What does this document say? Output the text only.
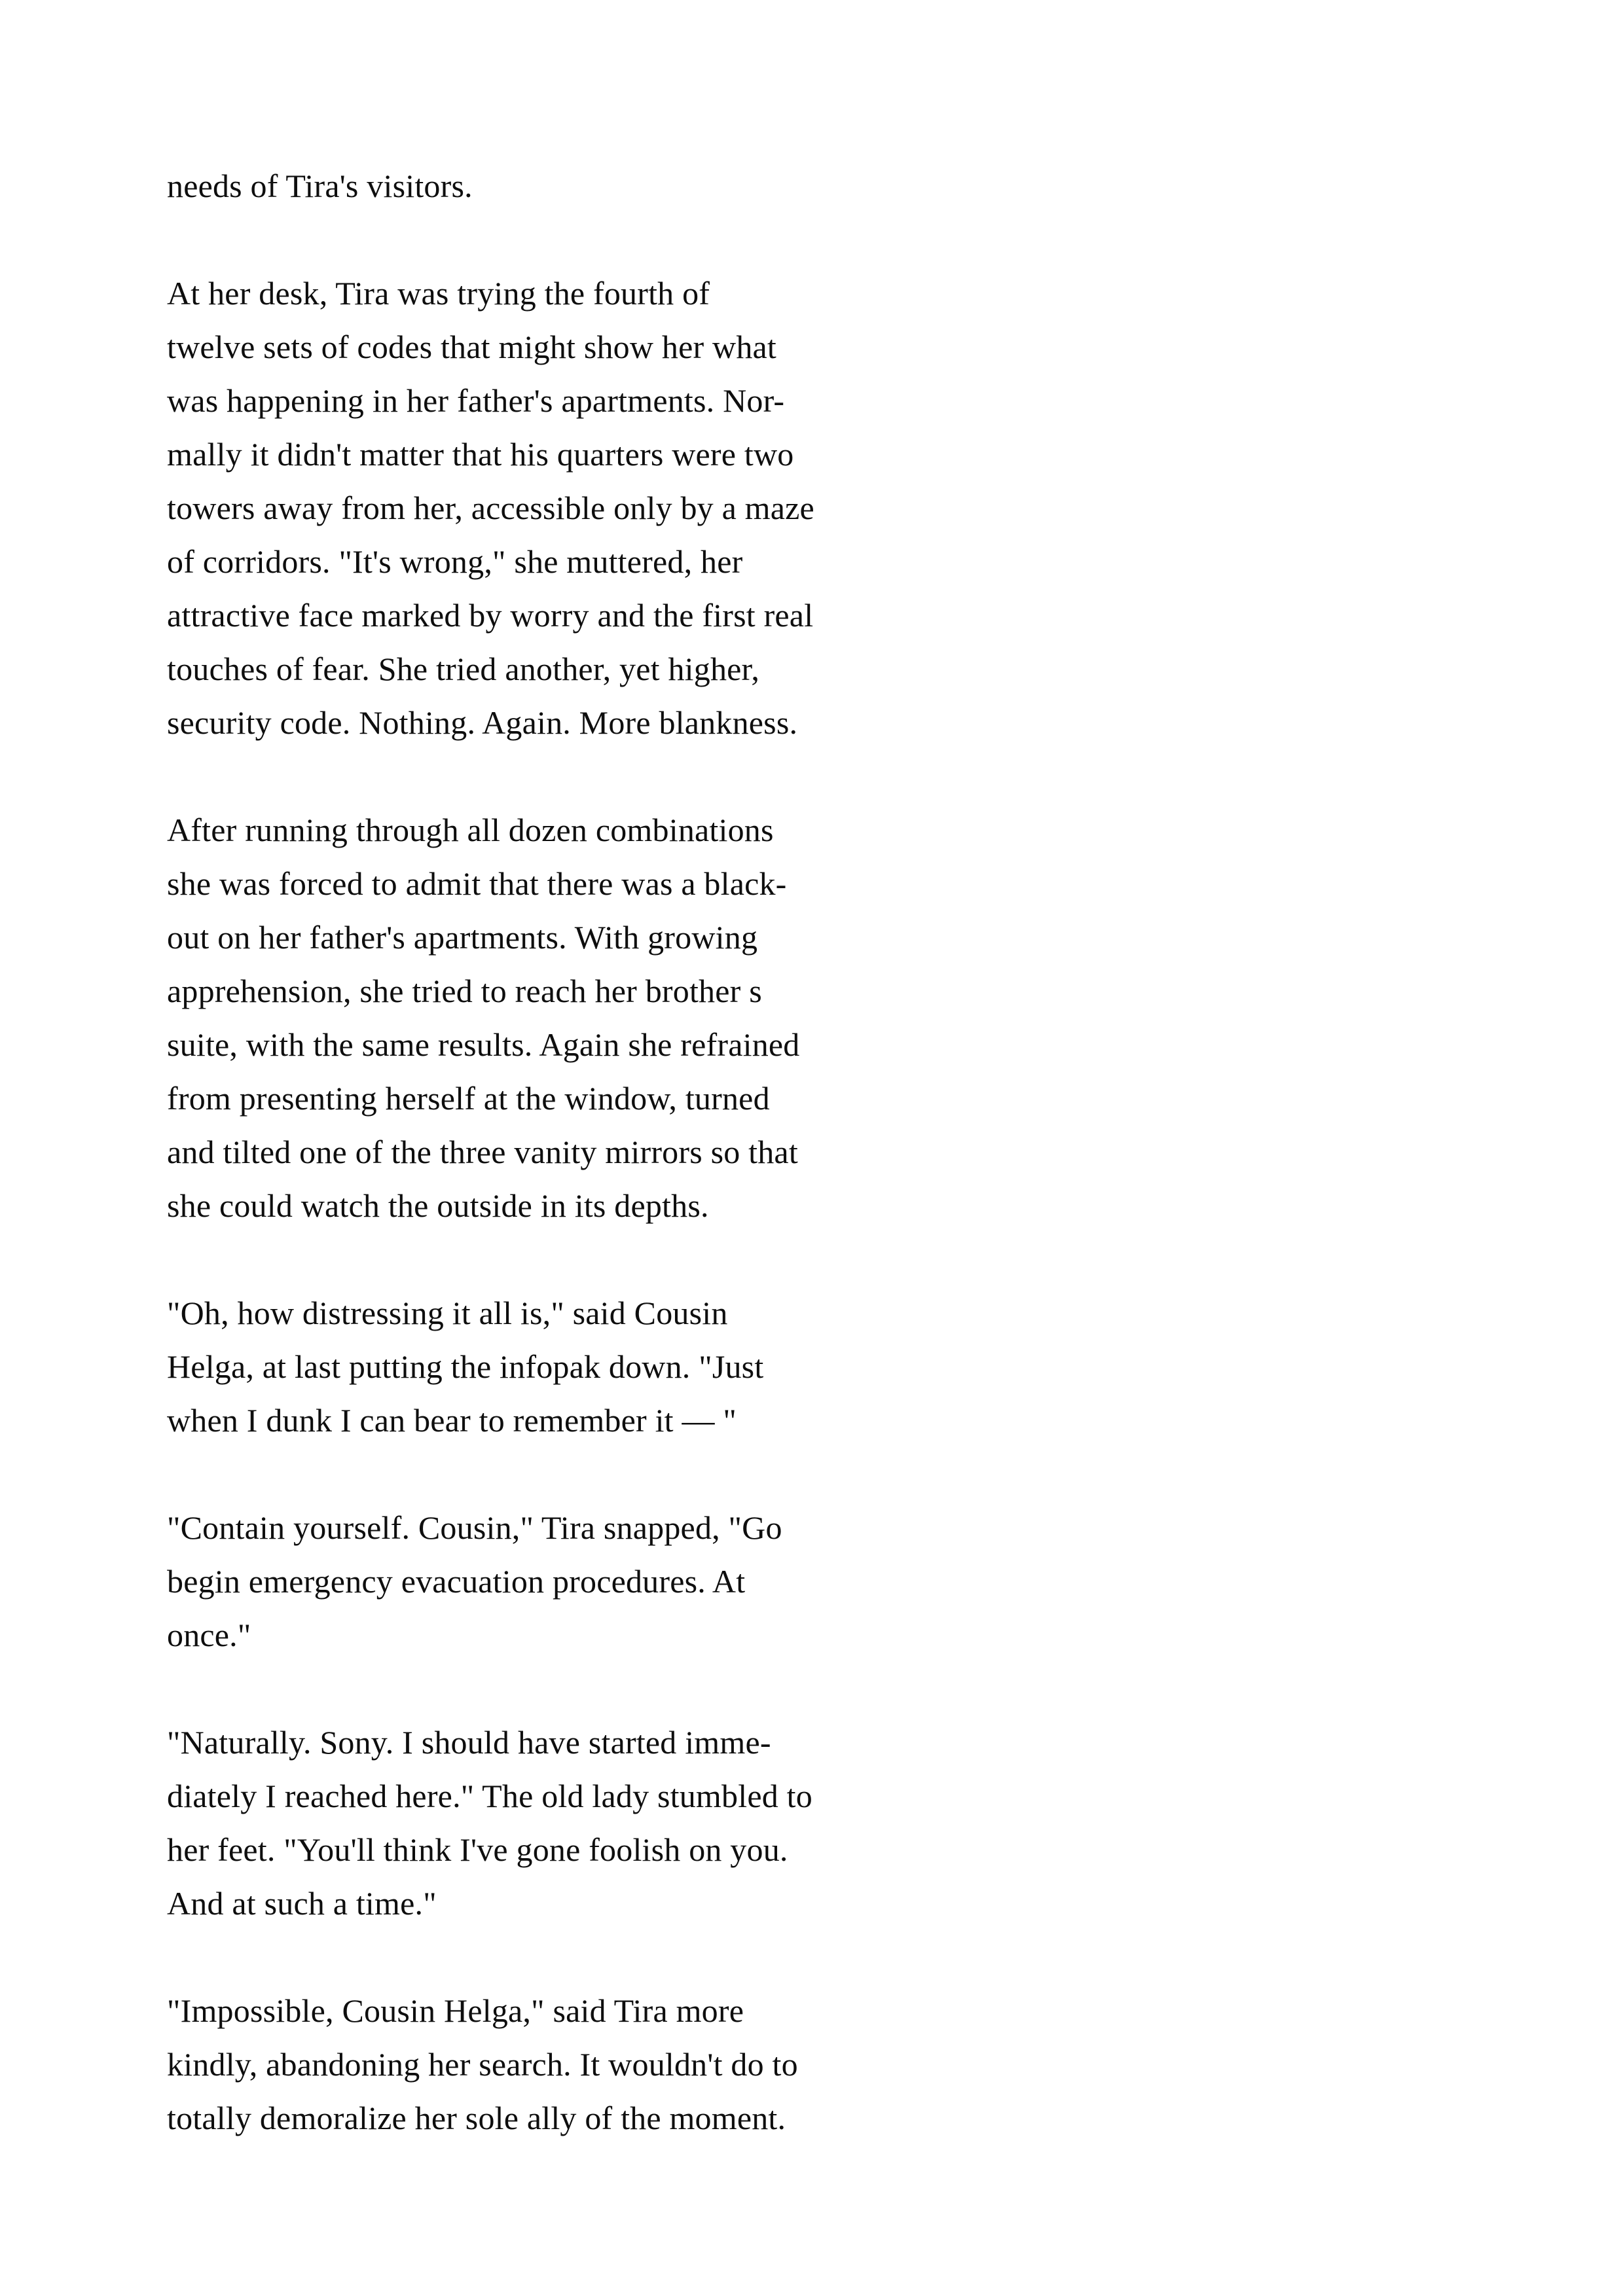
needs of Tira's visitors.
At her desk, Tira was trying the fourth of
twelve sets of codes that might show her what
was happening in her father's apartments. Nor-
mally it didn't matter that his quarters were two
towers away from her, accessible only by a maze
of corridors. "It's wrong," she muttered, her
attractive face marked by worry and the first real
touches of fear. She tried another, yet higher,
security code. Nothing. Again. More blankness.
After running through all dozen combinations
she was forced to admit that there was a black-
out on her father's apartments. With growing
apprehension, she tried to reach her brother s
suite, with the same results. Again she refrained
from presenting herself at the window, turned
and tilted one of the three vanity mirrors so that
she could watch the outside in its depths.
"Oh, how distressing it all is," said Cousin
Helga, at last putting the infopak down. "Just
when I dunk I can bear to remember it — "
"Contain yourself. Cousin," Tira snapped, "Go
begin emergency evacuation procedures. At
once."
"Naturally. Sony. I should have started imme-
diately I reached here." The old lady stumbled to
her feet. "You'll think I've gone foolish on you.
And at such a time."
"Impossible, Cousin Helga," said Tira more
kindly, abandoning her search. It wouldn't do to
totally demoralize her sole ally of the moment.
